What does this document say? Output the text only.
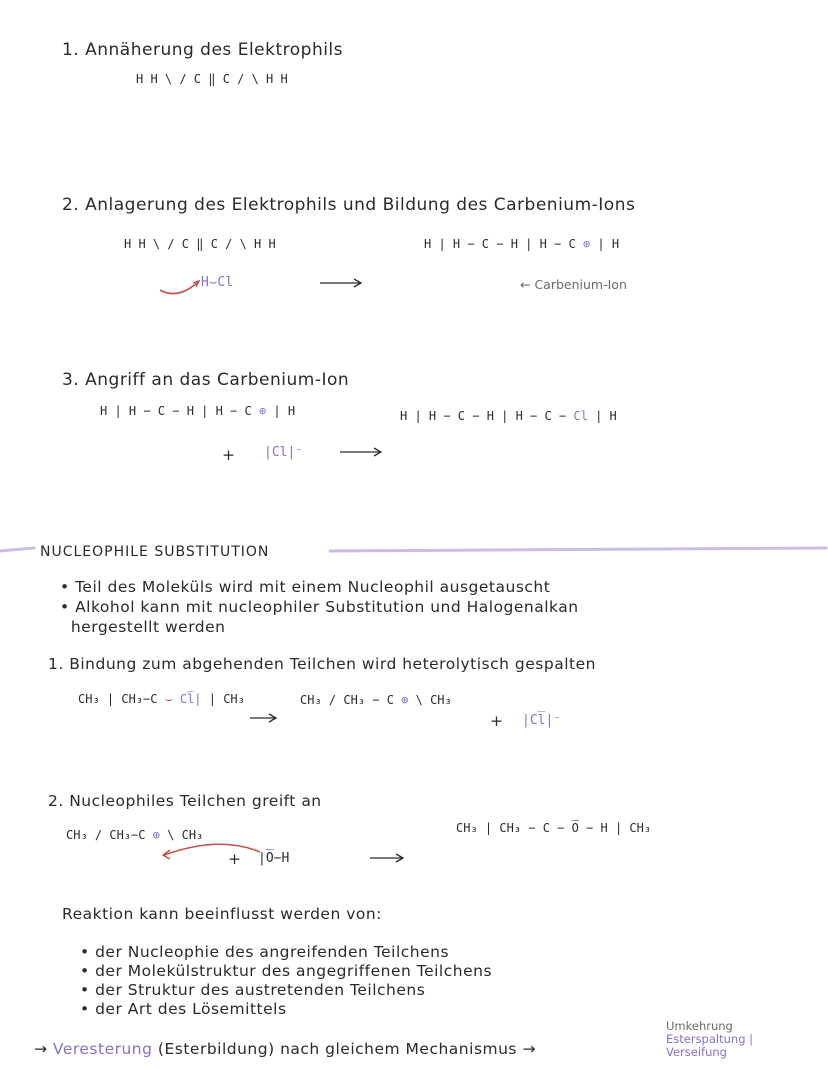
1. Annäherung des Elektrophils
H H \ / C ‖ C / \ H H
2. Anlagerung des Elektrophils und Bildung des Carbenium-Ions
H H \ / C ‖ C / \ H H
H⌣Cl
H | H − C − H | H − C ⊕ | H
← Carbenium-Ion
3. Angriff an das Carbenium-Ion
H | H − C − H | H − C ⊕ | H
+ |Cl|⁻
H | H − C − H | H − C − Cl | H
NUCLEOPHILE SUBSTITUTION
• Teil des Moleküls wird mit einem Nucleophil ausgetauscht
• Alkohol kann mit nucleophiler Substitution und Halogenalkan
hergestellt werden
1. Bindung zum abgehenden Teilchen wird heterolytisch gespalten
CH₃ | CH₃−C ⌣ Cl̅| | CH₃	CH₃ / CH₃ − C ⊕ \ CH₃
+ |Cl̅|⁻
2. Nucleophiles Teilchen greift an
CH₃ / CH₃−C ⊕ \ CH₃
+ |O̅−H
CH₃ | CH₃ − C − O̅ − H | CH₃
Reaktion kann beeinflusst werden von:
• der Nucleophie des angreifenden Teilchens
• der Molekülstruktur des angegriffenen Teilchens
• der Struktur des austretenden Teilchens
• der Art des Lösemittels
→ Veresterung (Esterbildung) nach gleichem Mechanismus →
Umkehrung
Esterspaltung |
Verseifung
